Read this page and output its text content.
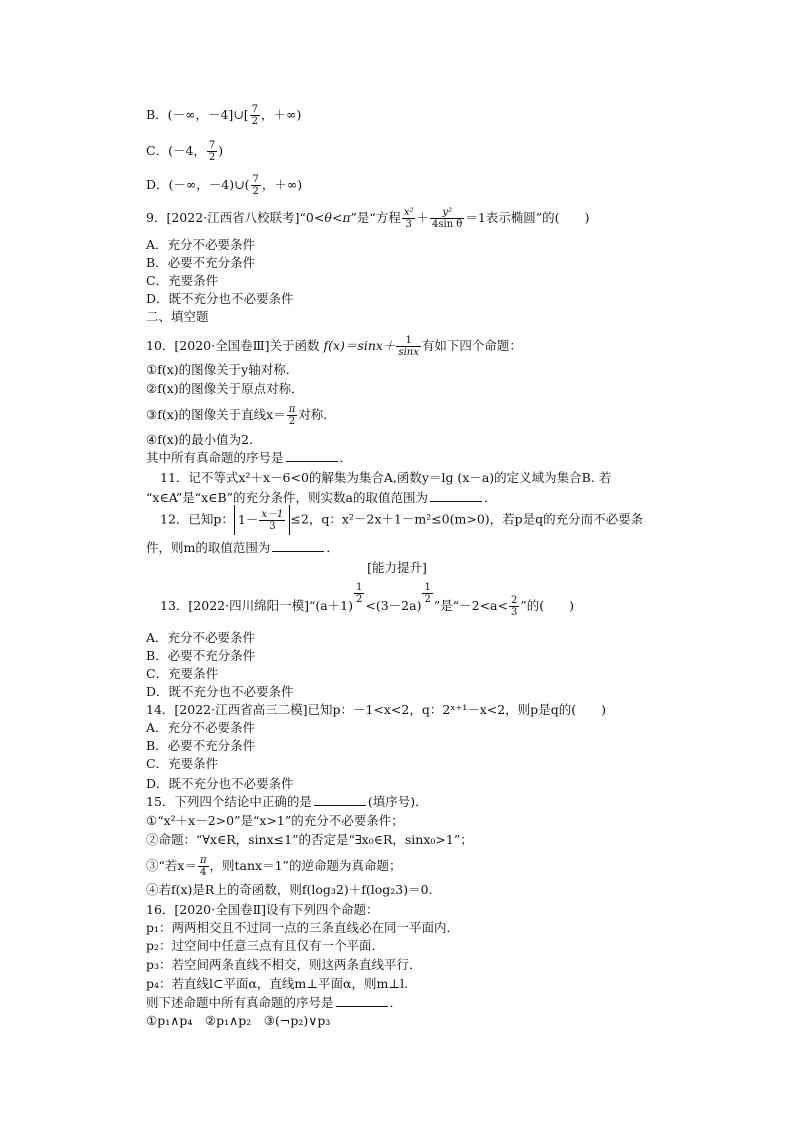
B．(－∞，－4]∪[ $\frac{7}{2}$ ，＋∞)
C．(－4， $\frac{7}{2}$ )
D．(－∞，－4)∪( $\frac{7}{2}$ ，＋∞)
9．[2022·江西省八校联考]“0<θ<π”是“方程 $\frac{\text{x²}}{3} + \frac{\text{y²}}{\text{4sin θ}} =1$表示椭圆”的(　　)
A．充分不必要条件
B．必要不充分条件
C．充要条件
D．既不充分也不必要条件
二、填空题
10．[2020·全国卷Ⅲ]关于函数 $f(x)=\sin x+ \frac{1}{\sin x}$ 有如下四个命题：
①f(x)的图像关于y轴对称．
②f(x)的图像关于原点对称．
③f(x)的图像关于直线$x= \frac{\pi}{2}$ 对称．
④f(x)的最小值为2.
其中所有真命题的序号是	．
11．记不等式x²＋x－6<0的解集为集合A,函数y＝lg (x－a)的定义域为集合B. 若
“x∈A”是“x∈B”的充分条件，则实数a的取值范围为	．
12．已知p： $1- \frac{x-1}{3} \le 2$，q：x²－2x＋1－m²≤0(m>0)，若p是q的充分而不必要条
件，则m的取值范围为	．
[能力提升]
13．[2022·四川绵阳一模]“(a＋1)
$\frac{1}{2}$
<(3－2a)
$\frac{1}{2}$
”是“$-2<a< \frac{2}{3}$ ”的(　　)
A．充分不必要条件
B．必要不充分条件
C．充要条件
D．既不充分也不必要条件
14．[2022·江西省高三二模]已知p：－1<x<2，q：2ˣ⁺¹－x<2，则p是q的(　　)
A．充分不必要条件
B．必要不充分条件
C．充要条件
D．既不充分也不必要条件
15．下列四个结论中正确的是	(填序号)．
①“x²＋x－2>0”是“x>1”的充分不必要条件；
②命题：“∀x∈R，sinx≤1”的否定是“∃x₀∈R，sinx₀>1”；
③“若$x= \frac{\pi}{4}$ ，则tanx＝1”的逆命题为真命题；
④若f(x)是R上的奇函数，则f(log₃2)＋f(log₂3)＝0.
16．[2020·全国卷Ⅱ]设有下列四个命题：
p₁：两两相交且不过同一点的三条直线必在同一平面内．
p₂：过空间中任意三点有且仅有一个平面．
p₃：若空间两条直线不相交，则这两条直线平行．
p₄：若直线l⊂平面α，直线m⊥平面α，则m⊥l.
则下述命题中所有真命题的序号是	．
①p₁∧p₄　②p₁∧p₂　③(¬p₂)∨p₃
